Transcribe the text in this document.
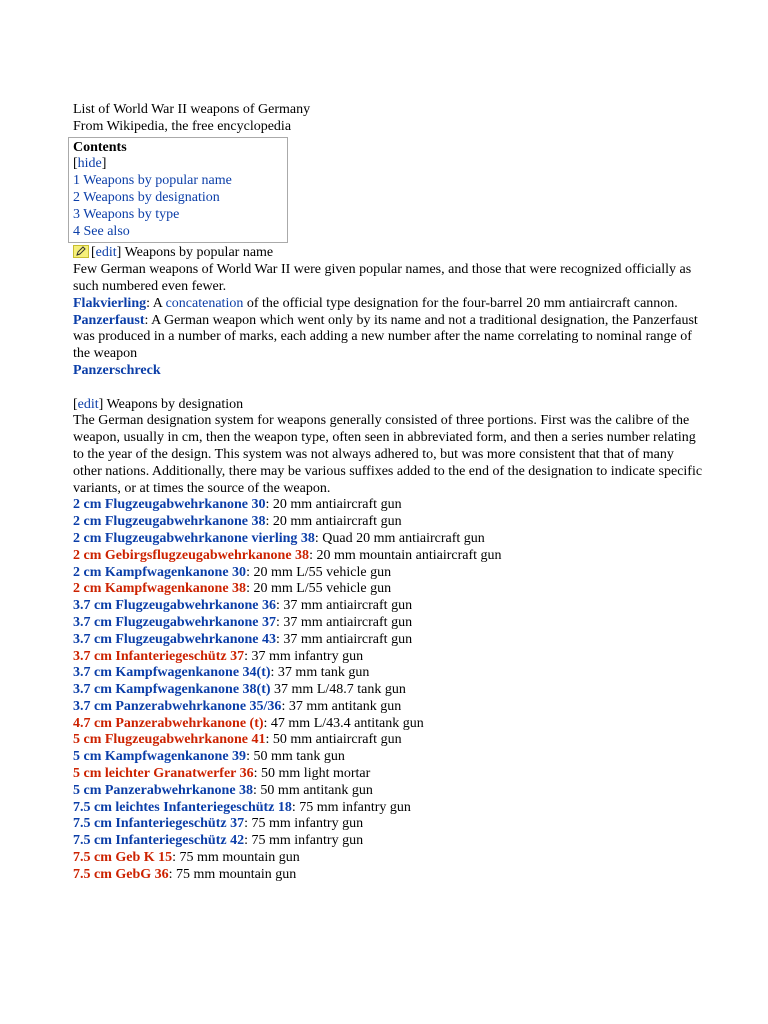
List of World War II weapons of Germany
From Wikipedia, the free encyclopedia
Contents
[hide]
1 Weapons by popular name
2 Weapons by designation
3 Weapons by type
4 See also
[edit] Weapons by popular name

Few German weapons of World War II were given popular names, and those that were recognized officially as such numbered even fewer.

Flakvierling: A concatenation of the official type designation for the four-barrel 20 mm antiaircraft cannon.

Panzerfaust: A German weapon which went only by its name and not a traditional designation, the Panzerfaust was produced in a number of marks, each adding a new number after the name correlating to nominal range of the weapon

Panzerschreck
[edit] Weapons by designation

The German designation system for weapons generally consisted of three portions. First was the calibre of the weapon, usually in cm, then the weapon type, often seen in abbreviated form, and then a series number relating to the year of the design. This system was not always adhered to, but was more consistent that that of many other nations. Additionally, there may be various suffixes added to the end of the designation to indicate specific variants, or at times the source of the weapon.

2 cm Flugzeugabwehrkanone 30: 20 mm antiaircraft gun
2 cm Flugzeugabwehrkanone 38: 20 mm antiaircraft gun
2 cm Flugzeugabwehrkanone vierling 38: Quad 20 mm antiaircraft gun
2 cm Gebirgsflugzeugabwehrkanone 38: 20 mm mountain antiaircraft gun
2 cm Kampfwagenkanone 30: 20 mm L/55 vehicle gun
2 cm Kampfwagenkanone 38: 20 mm L/55 vehicle gun
3.7 cm Flugzeugabwehrkanone 36: 37 mm antiaircraft gun
3.7 cm Flugzeugabwehrkanone 37: 37 mm antiaircraft gun
3.7 cm Flugzeugabwehrkanone 43: 37 mm antiaircraft gun
3.7 cm Infanteriegeschütz 37: 37 mm infantry gun
3.7 cm Kampfwagenkanone 34(t): 37 mm tank gun
3.7 cm Kampfwagenkanone 38(t) 37 mm L/48.7 tank gun
3.7 cm Panzerabwehrkanone 35/36: 37 mm antitank gun
4.7 cm Panzerabwehrkanone (t): 47 mm L/43.4 antitank gun
5 cm Flugzeugabwehrkanone 41: 50 mm antiaircraft gun
5 cm Kampfwagenkanone 39: 50 mm tank gun
5 cm leichter Granatwerfer 36: 50 mm light mortar
5 cm Panzerabwehrkanone 38: 50 mm antitank gun
7.5 cm leichtes Infanteriegeschütz 18: 75 mm infantry gun
7.5 cm Infanteriegeschütz 37: 75 mm infantry gun
7.5 cm Infanteriegeschütz 42: 75 mm infantry gun
7.5 cm Geb K 15: 75 mm mountain gun
7.5 cm GebG 36: 75 mm mountain gun
